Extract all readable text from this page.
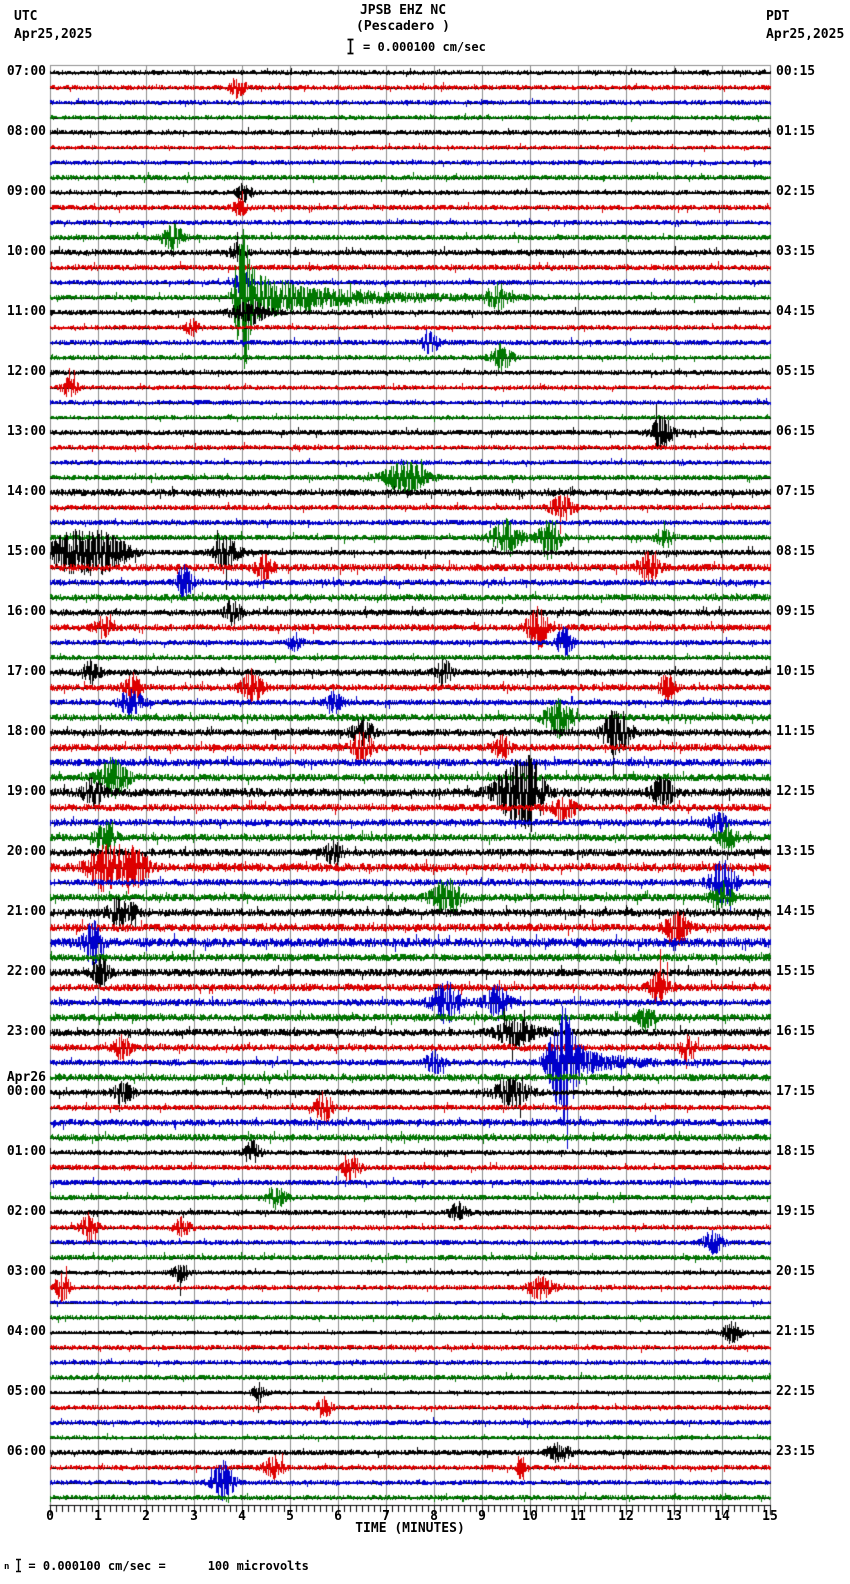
UTC
Apr25,2025
JPSB EHZ NC
(Pescadero )
= 0.000100 cm/sec
PDT
Apr25,2025
07:00
08:00
09:00
10:00
11:00
12:00
13:00
14:00
15:00
16:00
17:00
18:00
19:00
20:00
21:00
22:00
23:00
00:00
01:00
02:00
03:00
04:00
05:00
06:00
Apr26
00:15
01:15
02:15
03:15
04:15
05:15
06:15
07:15
08:15
09:15
10:15
11:15
12:15
13:15
14:15
15:15
16:15
17:15
18:15
19:15
20:15
21:15
22:15
23:15
0	1	2	3	4	5	6	7	8	9	10 11 12 13 14 15
TIME (MINUTES)
n = 0.000100 cm/sec =	100 microvolts
